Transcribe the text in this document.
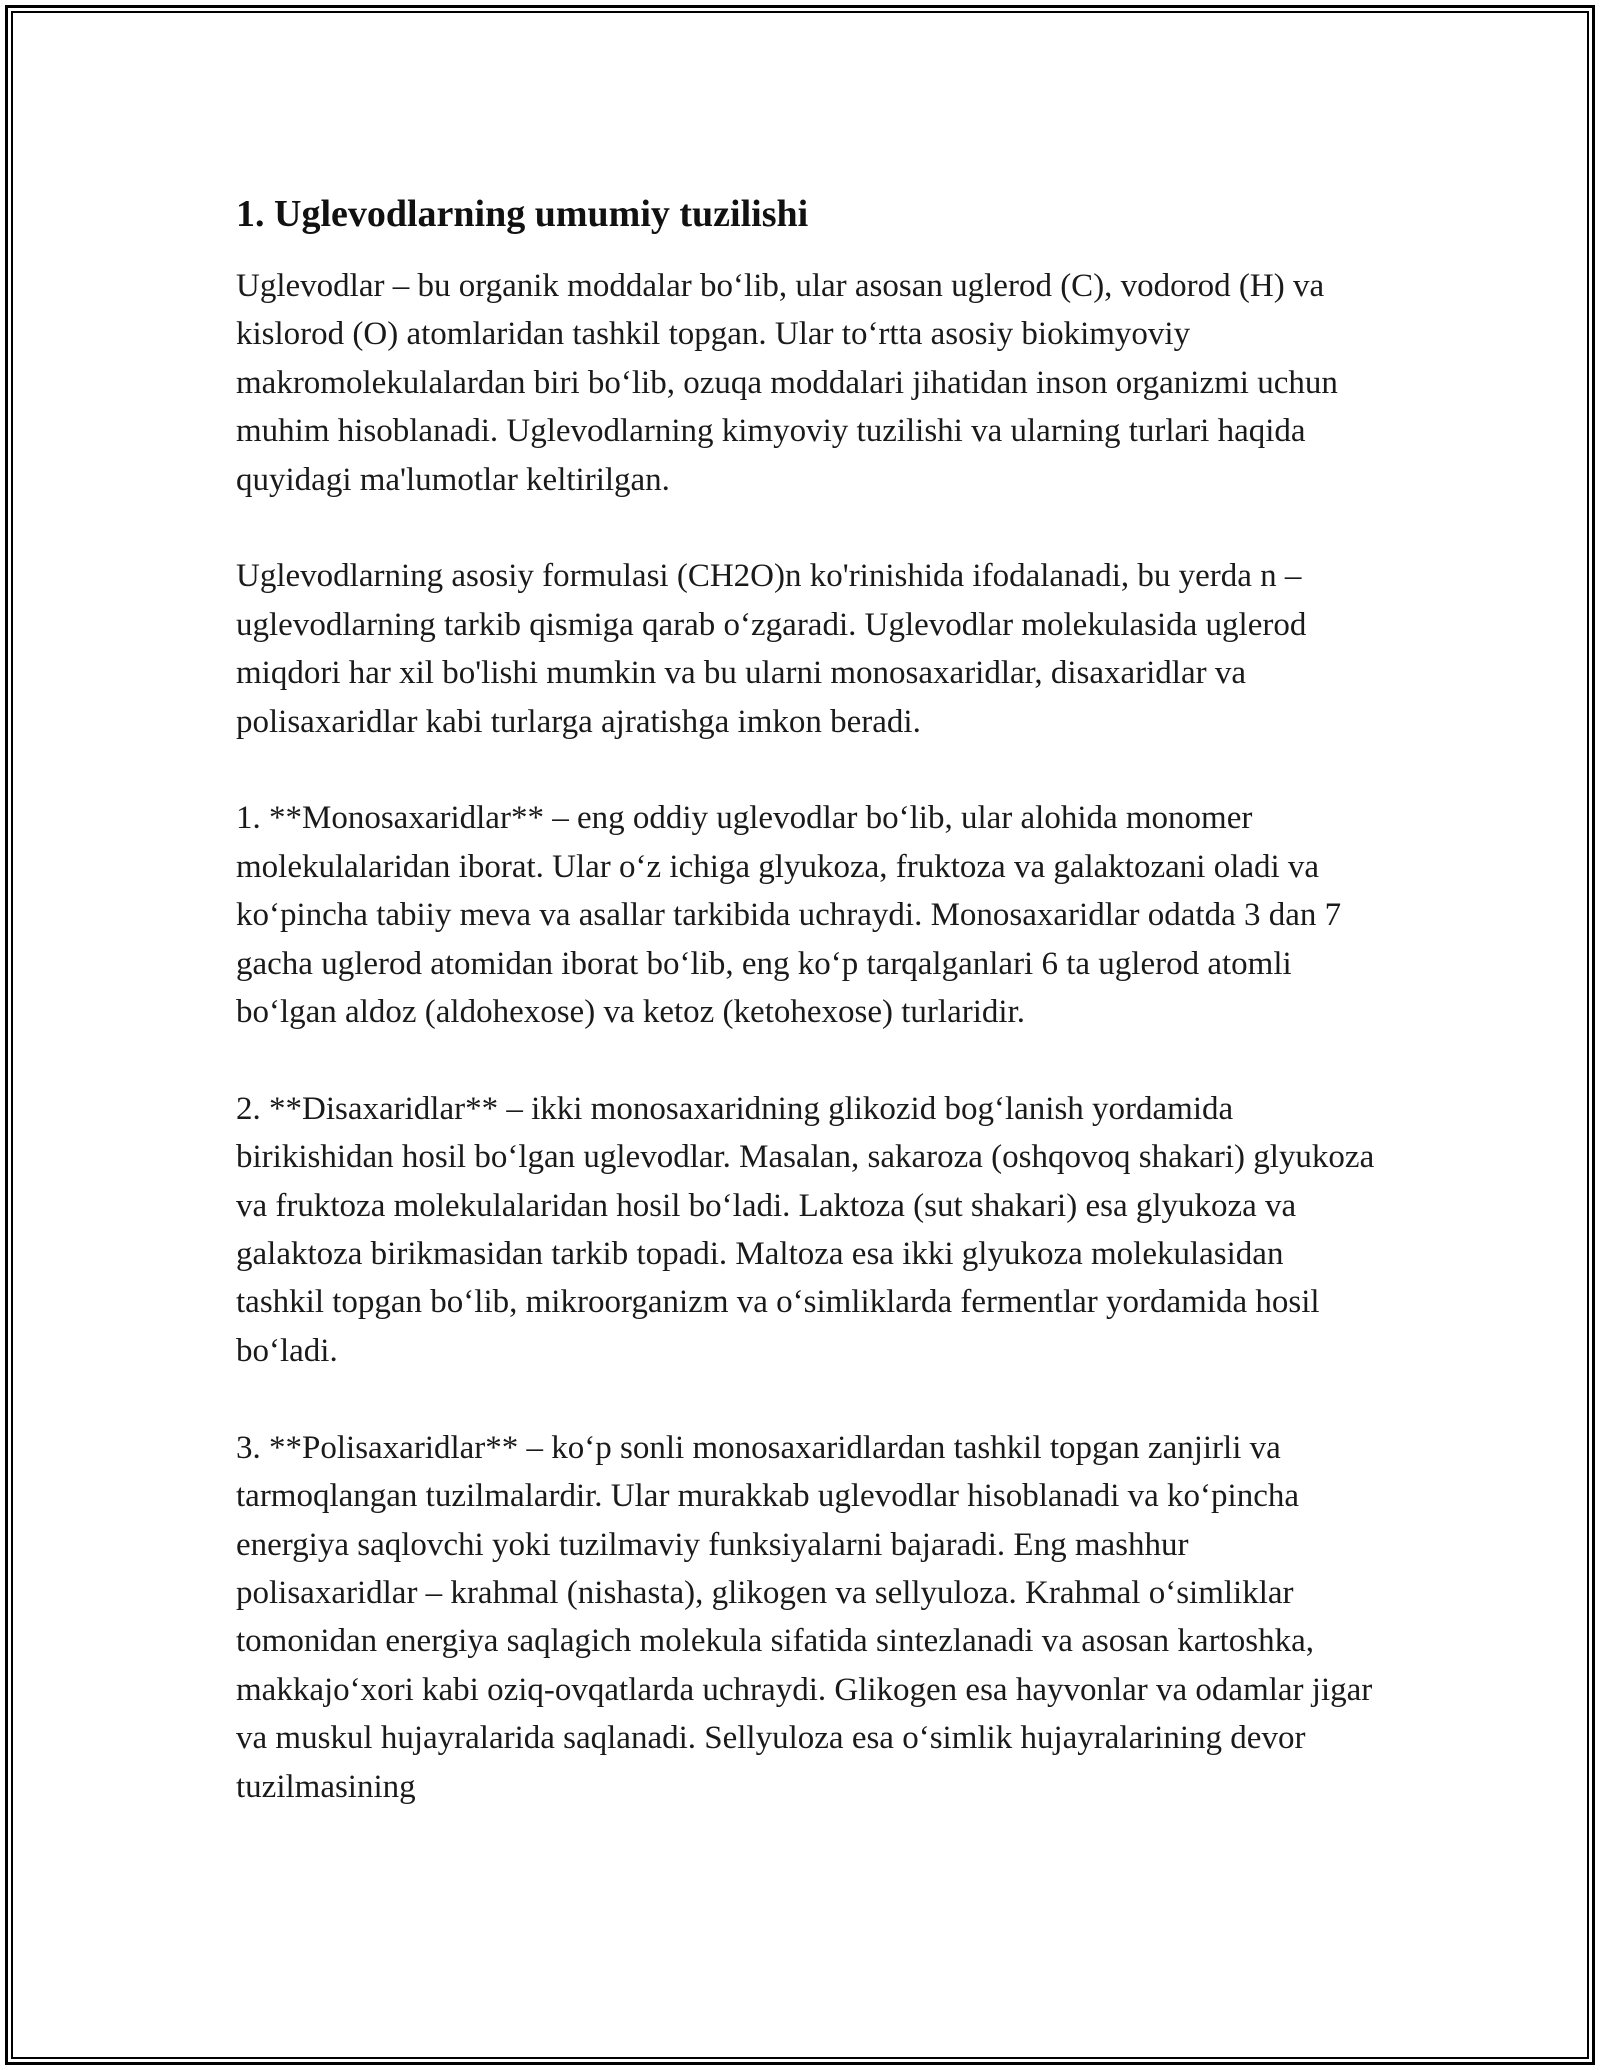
1. Uglevodlarning umumiy tuzilishi

Uglevodlar – bu organik moddalar boʻlib, ular asosan uglerod (C), vodorod (H) va kislorod (O) atomlaridan tashkil topgan. Ular toʻrtta asosiy biokimyoviy makromolekulalardan biri boʻlib, ozuqa moddalari jihatidan inson organizmi uchun muhim hisoblanadi. Uglevodlarning kimyoviy tuzilishi va ularning turlari haqida quyidagi ma'lumotlar keltirilgan.

Uglevodlarning asosiy formulasi (CH2O)n ko'rinishida ifodalanadi, bu yerda n – uglevodlarning tarkib qismiga qarab oʻzgaradi. Uglevodlar molekulasida uglerod miqdori har xil bo'lishi mumkin va bu ularni monosaxaridlar, disaxaridlar va polisaxaridlar kabi turlarga ajratishga imkon beradi.

1. **Monosaxaridlar** – eng oddiy uglevodlar boʻlib, ular alohida monomer molekulalaridan iborat. Ular oʻz ichiga glyukoza, fruktoza va galaktozani oladi va koʻpincha tabiiy meva va asallar tarkibida uchraydi. Monosaxaridlar odatda 3 dan 7 gacha uglerod atomidan iborat boʻlib, eng koʻp tarqalganlari 6 ta uglerod atomli boʻlgan aldoz (aldohexose) va ketoz (ketohexose) turlaridir.

2. **Disaxaridlar** – ikki monosaxaridning glikozid bogʻlanish yordamida birikishidan hosil boʻlgan uglevodlar. Masalan, sakaroza (oshqovoq shakari) glyukoza va fruktoza molekulalaridan hosil boʻladi. Laktoza (sut shakari) esa glyukoza va galaktoza birikmasidan tarkib topadi. Maltoza esa ikki glyukoza molekulasidan tashkil topgan boʻlib, mikroorganizm va oʻsimliklarda fermentlar yordamida hosil boʻladi.

3. **Polisaxaridlar** – koʻp sonli monosaxaridlardan tashkil topgan zanjirli va tarmoqlangan tuzilmalardir. Ular murakkab uglevodlar hisoblanadi va koʻpincha energiya saqlovchi yoki tuzilmaviy funksiyalarni bajaradi. Eng mashhur polisaxaridlar – krahmal (nishasta), glikogen va sellyuloza. Krahmal oʻsimliklar tomonidan energiya saqlagich molekula sifatida sintezlanadi va asosan kartoshka, makkajoʻxori kabi oziq-ovqatlarda uchraydi. Glikogen esa hayvonlar va odamlar jigar va muskul hujayralarida saqlanadi. Sellyuloza esa oʻsimlik hujayralarining devor tuzilmasining
